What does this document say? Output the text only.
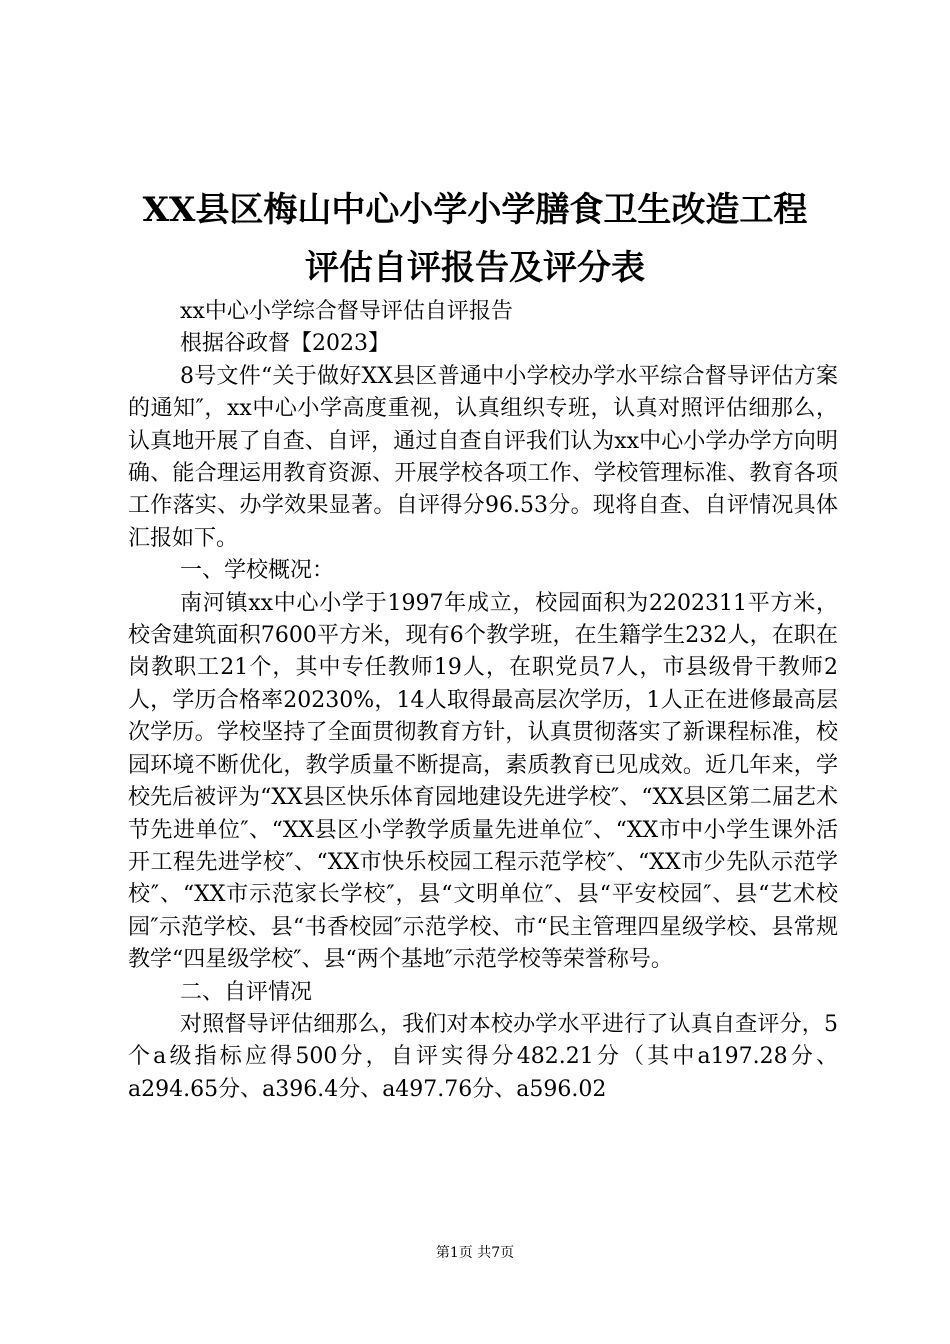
XX县区梅山中心小学小学膳食卫生改造工程
评估自评报告及评分表

xx中心小学综合督导评估自评报告

根据谷政督【2023】

8号文件“关于做好XX县区普通中小学校办学水平综合督导评估方案的通知″，xx中心小学高度重视，认真组织专班，认真对照评估细那么，认真地开展了自查、自评，通过自查自评我们认为xx中心小学办学方向明确、能合理运用教育资源、开展学校各项工作、学校管理标准、教育各项工作落实、办学效果显著。自评得分96.53分。现将自查、自评情况具体汇报如下。

一、学校概况：

南河镇xx中心小学于1997年成立，校园面积为2202311平方米，校舍建筑面积7600平方米，现有6个教学班，在生籍学生232人，在职在岗教职工21个，其中专任教师19人，在职党员7人，市县级骨干教师2人，学历合格率20230%，14人取得最高层次学历，1人正在进修最高层次学历。学校坚持了全面贯彻教育方针，认真贯彻落实了新课程标准，校园环境不断优化，教学质量不断提高，素质教育已见成效。近几年来，学校先后被评为“XX县区快乐体育园地建设先进学校″、“XX县区第二届艺术节先进单位″、“XX县区小学教学质量先进单位″、“XX市中小学生课外活开工程先进学校″、“XX市快乐校园工程示范学校″、“XX市少先队示范学校″、“XX市示范家长学校″，县“文明单位″、县“平安校园″、县“艺术校园″示范学校、县“书香校园″示范学校、市“民主管理四星级学校、县常规教学“四星级学校″、县“两个基地″示范学校等荣誉称号。

二、自评情况

对照督导评估细那么，我们对本校办学水平进行了认真自查评分，5个a级指标应得500分，自评实得分482.21分（其中a197.28分、a294.65分、a396.4分、a497.76分、a596.02

第1页 共7页
